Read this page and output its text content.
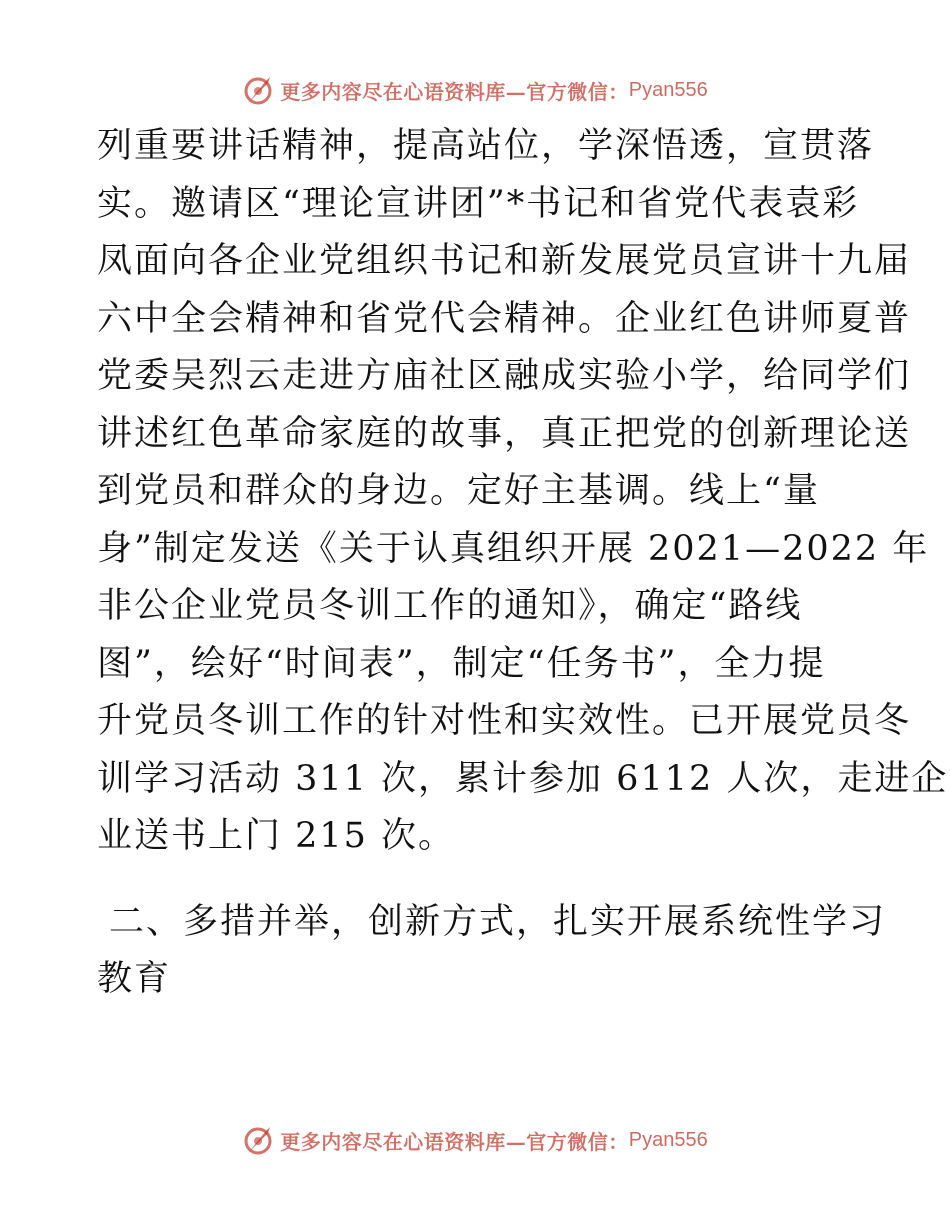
更多内容尽在心语资料库—官方微信： Pyan556
列重要讲话精神，提高站位，学深悟透，宣贯落
实。邀请区“理论宣讲团”*书记和省党代表袁彩
凤面向各企业党组织书记和新发展党员宣讲十九届
六中全会精神和省党代会精神。企业红色讲师夏普
党委吴烈云走进方庙社区融成实验小学，给同学们
讲述红色革命家庭的故事，真正把党的创新理论送
到党员和群众的身边。定好主基调。线上“量
身”制定发送《关于认真组织开展 2021—2022 年
非公企业党员冬训工作的通知》，确定“路线
图”，绘好“时间表”，制定“任务书”，全力提
升党员冬训工作的针对性和实效性。已开展党员冬
训学习活动 311 次，累计参加 6112 人次，走进企
业送书上门 215 次。
二、多措并举，创新方式，扎实开展系统性学习
教育
更多内容尽在心语资料库—官方微信： Pyan556
